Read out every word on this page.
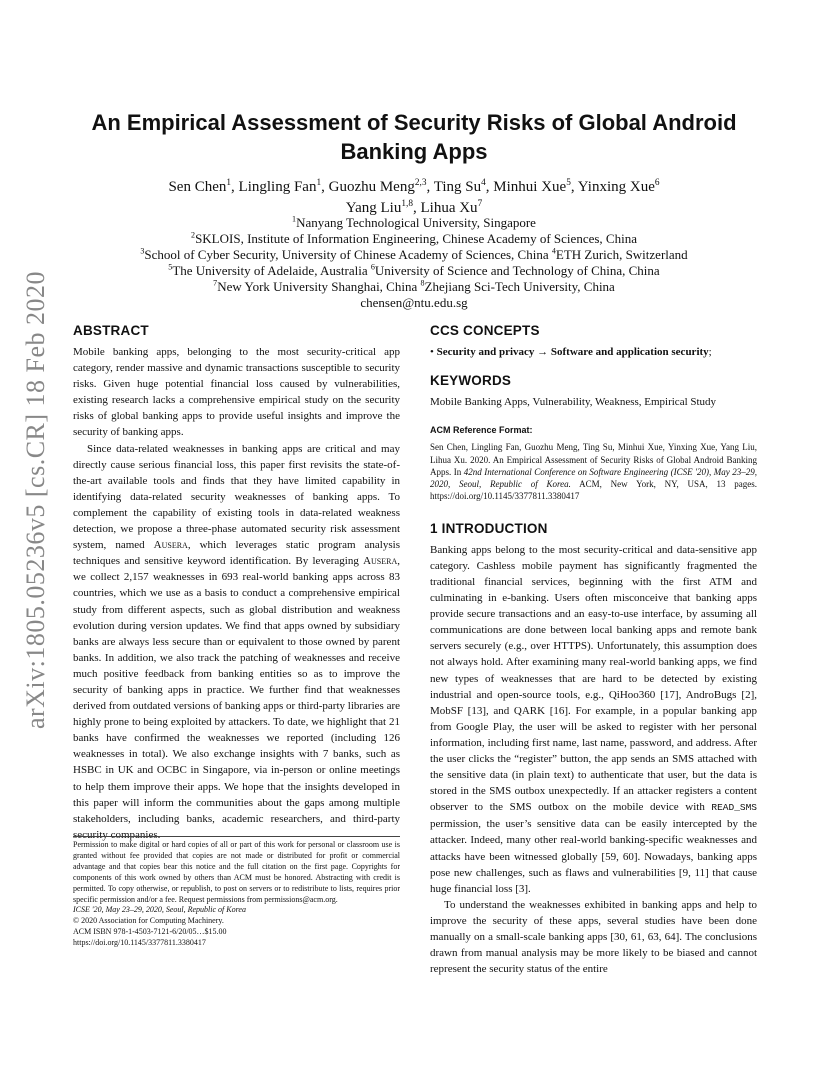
arXiv:1805.05236v5 [cs.CR] 18 Feb 2020
An Empirical Assessment of Security Risks of Global Android
Banking Apps
Sen Chen$^1$, Lingling Fan$^1$, Guozhu Meng$^{2,3}$, Ting Su$^4$, Minhui Xue$^5$, Yinxing Xue$^6$
Yang Liu$^{1,8}$, Lihua Xu$^7$
$^1$Nanyang Technological University, Singapore
$^2$SKLOIS, Institute of Information Engineering, Chinese Academy of Sciences, China
$^3$School of Cyber Security, University of Chinese Academy of Sciences, China $^4$ETH Zurich, Switzerland
$^5$The University of Adelaide, Australia $^6$University of Science and Technology of China, China
$^7$New York University Shanghai, China $^8$Zhejiang Sci-Tech University, China
chensen@ntu.edu.sg
ABSTRACT

Mobile banking apps, belonging to the most security-critical app category, render massive and dynamic transactions susceptible to security risks. Given huge potential financial loss caused by vulnerabilities, existing research lacks a comprehensive empirical study on the security risks of global banking apps to provide useful insights and improve the security of banking apps.

Since data-related weaknesses in banking apps are critical and may directly cause serious financial loss, this paper first revisits the state-of-the-art available tools and finds that they have limited capability in identifying data-related security weaknesses of banking apps. To complement the capability of existing tools in data-related weakness detection, we propose a three-phase automated security risk assessment system, named Ausera, which leverages static program analysis techniques and sensitive keyword identification. By leveraging Ausera, we collect 2,157 weaknesses in 693 real-world banking apps across 83 countries, which we use as a basis to conduct a comprehensive empirical study from different aspects, such as global distribution and weakness evolution during version updates. We find that apps owned by subsidiary banks are always less secure than or equivalent to those owned by parent banks. In addition, we also track the patching of weaknesses and receive much positive feedback from banking entities so as to improve the security of banking apps in practice. We further find that weaknesses derived from outdated versions of banking apps or third-party libraries are highly prone to being exploited by attackers. To date, we highlight that 21 banks have confirmed the weaknesses we reported (including 126 weaknesses in total). We also exchange insights with 7 banks, such as HSBC in UK and OCBC in Singapore, via in-person or online meetings to help them improve their apps. We hope that the insights developed in this paper will inform the communities about the gaps among multiple stakeholders, including banks, academic researchers, and third-party security companies.

Permission to make digital or hard copies of all or part of this work for personal or classroom use is granted without fee provided that copies are not made or distributed for profit or commercial advantage and that copies bear this notice and the full citation on the first page. Copyrights for components of this work owned by others than ACM must be honored. Abstracting with credit is permitted. To copy otherwise, or republish, to post on servers or to redistribute to lists, requires prior specific permission and/or a fee. Request permissions from permissions@acm.org.

ICSE '20, May 23–29, 2020, Seoul, Republic of Korea

© 2020 Association for Computing Machinery.

ACM ISBN 978-1-4503-7121-6/20/05…$15.00

https://doi.org/10.1145/3377811.3380417

CCS CONCEPTS
• Security and privacy → Software and application security;
KEYWORDS
Mobile Banking Apps, Vulnerability, Weakness, Empirical Study
ACM Reference Format:

Sen Chen, Lingling Fan, Guozhu Meng, Ting Su, Minhui Xue, Yinxing Xue, Yang Liu, Lihua Xu. 2020. An Empirical Assessment of Security Risks of Global Android Banking Apps. In 42nd International Conference on Software Engineering (ICSE '20), May 23–29, 2020, Seoul, Republic of Korea. ACM, New York, NY, USA, 13 pages. https://doi.org/10.1145/3377811.3380417

1 INTRODUCTION

Banking apps belong to the most security-critical and data-sensitive app category. Cashless mobile payment has significantly fragmented the traditional financial services, beginning with the first ATM and culminating in e-banking. Users often misconceive that banking apps provide secure transactions and an easy-to-use interface, by assuming all communications are done between local banking apps and remote bank servers securely (e.g., over HTTPS). Unfortunately, this assumption does not always hold. After examining many real-world banking apps, we find new types of weaknesses that are hard to be detected by existing industrial and open-source tools, e.g., QiHoo360 [17], AndroBugs [2], MobSF [13], and QARK [16]. For example, in a popular banking app from Google Play, the user will be asked to register with her personal information, including first name, last name, password, and address. After the user clicks the “register” button, the app sends an SMS attached with the sensitive data (in plain text) to authenticate that user, but the data is stored in the SMS outbox unexpectedly. If an attacker registers a content observer to the SMS outbox on the mobile device with READ_SMS permission, the user’s sensitive data can be easily intercepted by the attacker. Indeed, many other real-world banking-specific weaknesses and attacks have been witnessed globally [59, 60]. Nowadays, banking apps pose new challenges, such as flaws and vulnerabilities [9, 11] that cause huge financial loss [3].

To understand the weaknesses exhibited in banking apps and help to improve the security of these apps, several studies have been done manually on a small-scale banking apps [30, 61, 63, 64]. The conclusions drawn from manual analysis may be more likely to be biased and cannot represent the security status of the entire
